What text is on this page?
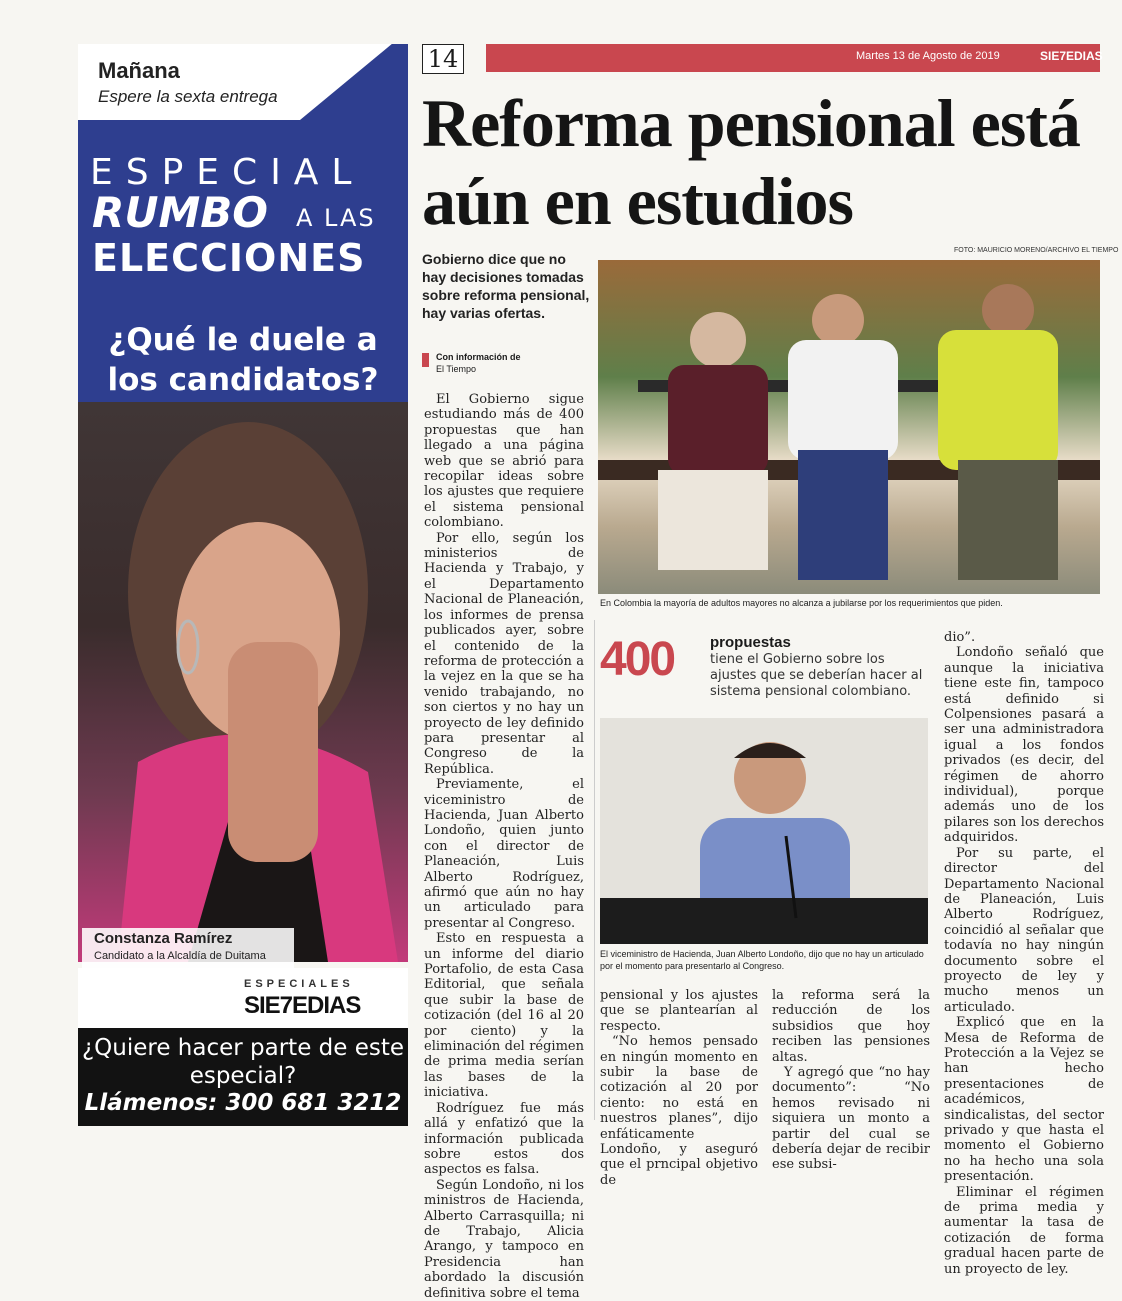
Mañana
Espere la sexta entrega
ESPECIAL
RUMBO A LAS
ELECCIONES
¿Qué le duele a los candidatos?
Constanza Ramírez
Candidato a la Alcaldía de Duitama
ESPECIALES
SIE7EDIAS
¿Quiere hacer parte de este especial?
Llámenos: 300 681 3212
14	Martes 13 de Agosto de 2019	SIE7EDIAS
Reforma pensional está aún en estudios
FOTO: MAURICIO MORENO/ARCHIVO EL TIEMPO
Gobierno dice que no hay decisiones tomadas sobre reforma pensional, hay varias ofertas.
Con información de
El Tiempo
En Colombia la mayoría de adultos mayores no alcanza a jubilarse por los requerimientos que piden.

El Gobierno sigue estudiando más de 400 propuestas que han llegado a una página web que se abrió para recopilar ideas sobre los ajustes que requiere el sistema pensional colombiano.

Por ello, según los ministerios de Hacienda y Trabajo, y el Departamento Nacional de Planeación, los informes de prensa publicados ayer, sobre el contenido de la reforma de protección a la vejez en la que se ha venido trabajando, no son ciertos y no hay un proyecto de ley definido para presentar al Congreso de la República.

Previamente, el viceministro de Hacienda, Juan Alberto Londoño, quien junto con el director de Planeación, Luis Alberto Rodríguez, afirmó que aún no hay un articulado para presentar al Congreso.

Esto en respuesta a un informe del diario Portafolio, de esta Casa Editorial, que señala que subir la base de cotización (del 16 al 20 por ciento) y la eliminación del régimen de prima media serían las bases de la iniciativa.

Rodríguez fue más allá y enfatizó que la información publicada sobre estos dos aspectos es falsa.

Según Londoño, ni los ministros de Hacienda, Alberto Carrasquilla; ni de Trabajo, Alicia Arango, y tampoco en Presidencia han abordado la discusión definitiva sobre el tema

400 propuestas
tiene el Gobierno sobre los ajustes que se deberían hacer al sistema pensional colombiano.
El viceministro de Hacienda, Juan Alberto Londoño, dijo que no hay un articulado por el momento para presentarlo al Congreso.

pensional y los ajustes que se plantearían al respecto.

“No hemos pensado en ningún momento en subir la base de cotización al 20 por ciento: no está en nuestros planes”, dijo enfáticamente Londoño, y aseguró que el prncipal objetivo de

la reforma será la reducción de los subsidios que hoy reciben las pensiones altas.

Y agregó que “no hay documento”: “No hemos revisado ni siquiera un monto a partir del cual se debería dejar de recibir ese subsi-

dio”.

Londoño señaló que aunque la iniciativa tiene este fin, tampoco está definido si Colpensiones pasará a ser una administradora igual a los fondos privados (es decir, del régimen de ahorro individual), porque además uno de los pilares son los derechos adquiridos.

Por su parte, el director del Departamento Nacional de Planeación, Luis Alberto Rodríguez, coincidió al señalar que todavía no hay ningún documento sobre el proyecto de ley y mucho menos un articulado.

Explicó que en la Mesa de Reforma de Protección a la Vejez se han hecho presentaciones de académicos, sindicalistas, del sector privado y que hasta el momento el Gobierno no ha hecho una sola presentación.

Eliminar el régimen de prima media y aumentar la tasa de cotización de forma gradual hacen parte de un proyecto de ley.
